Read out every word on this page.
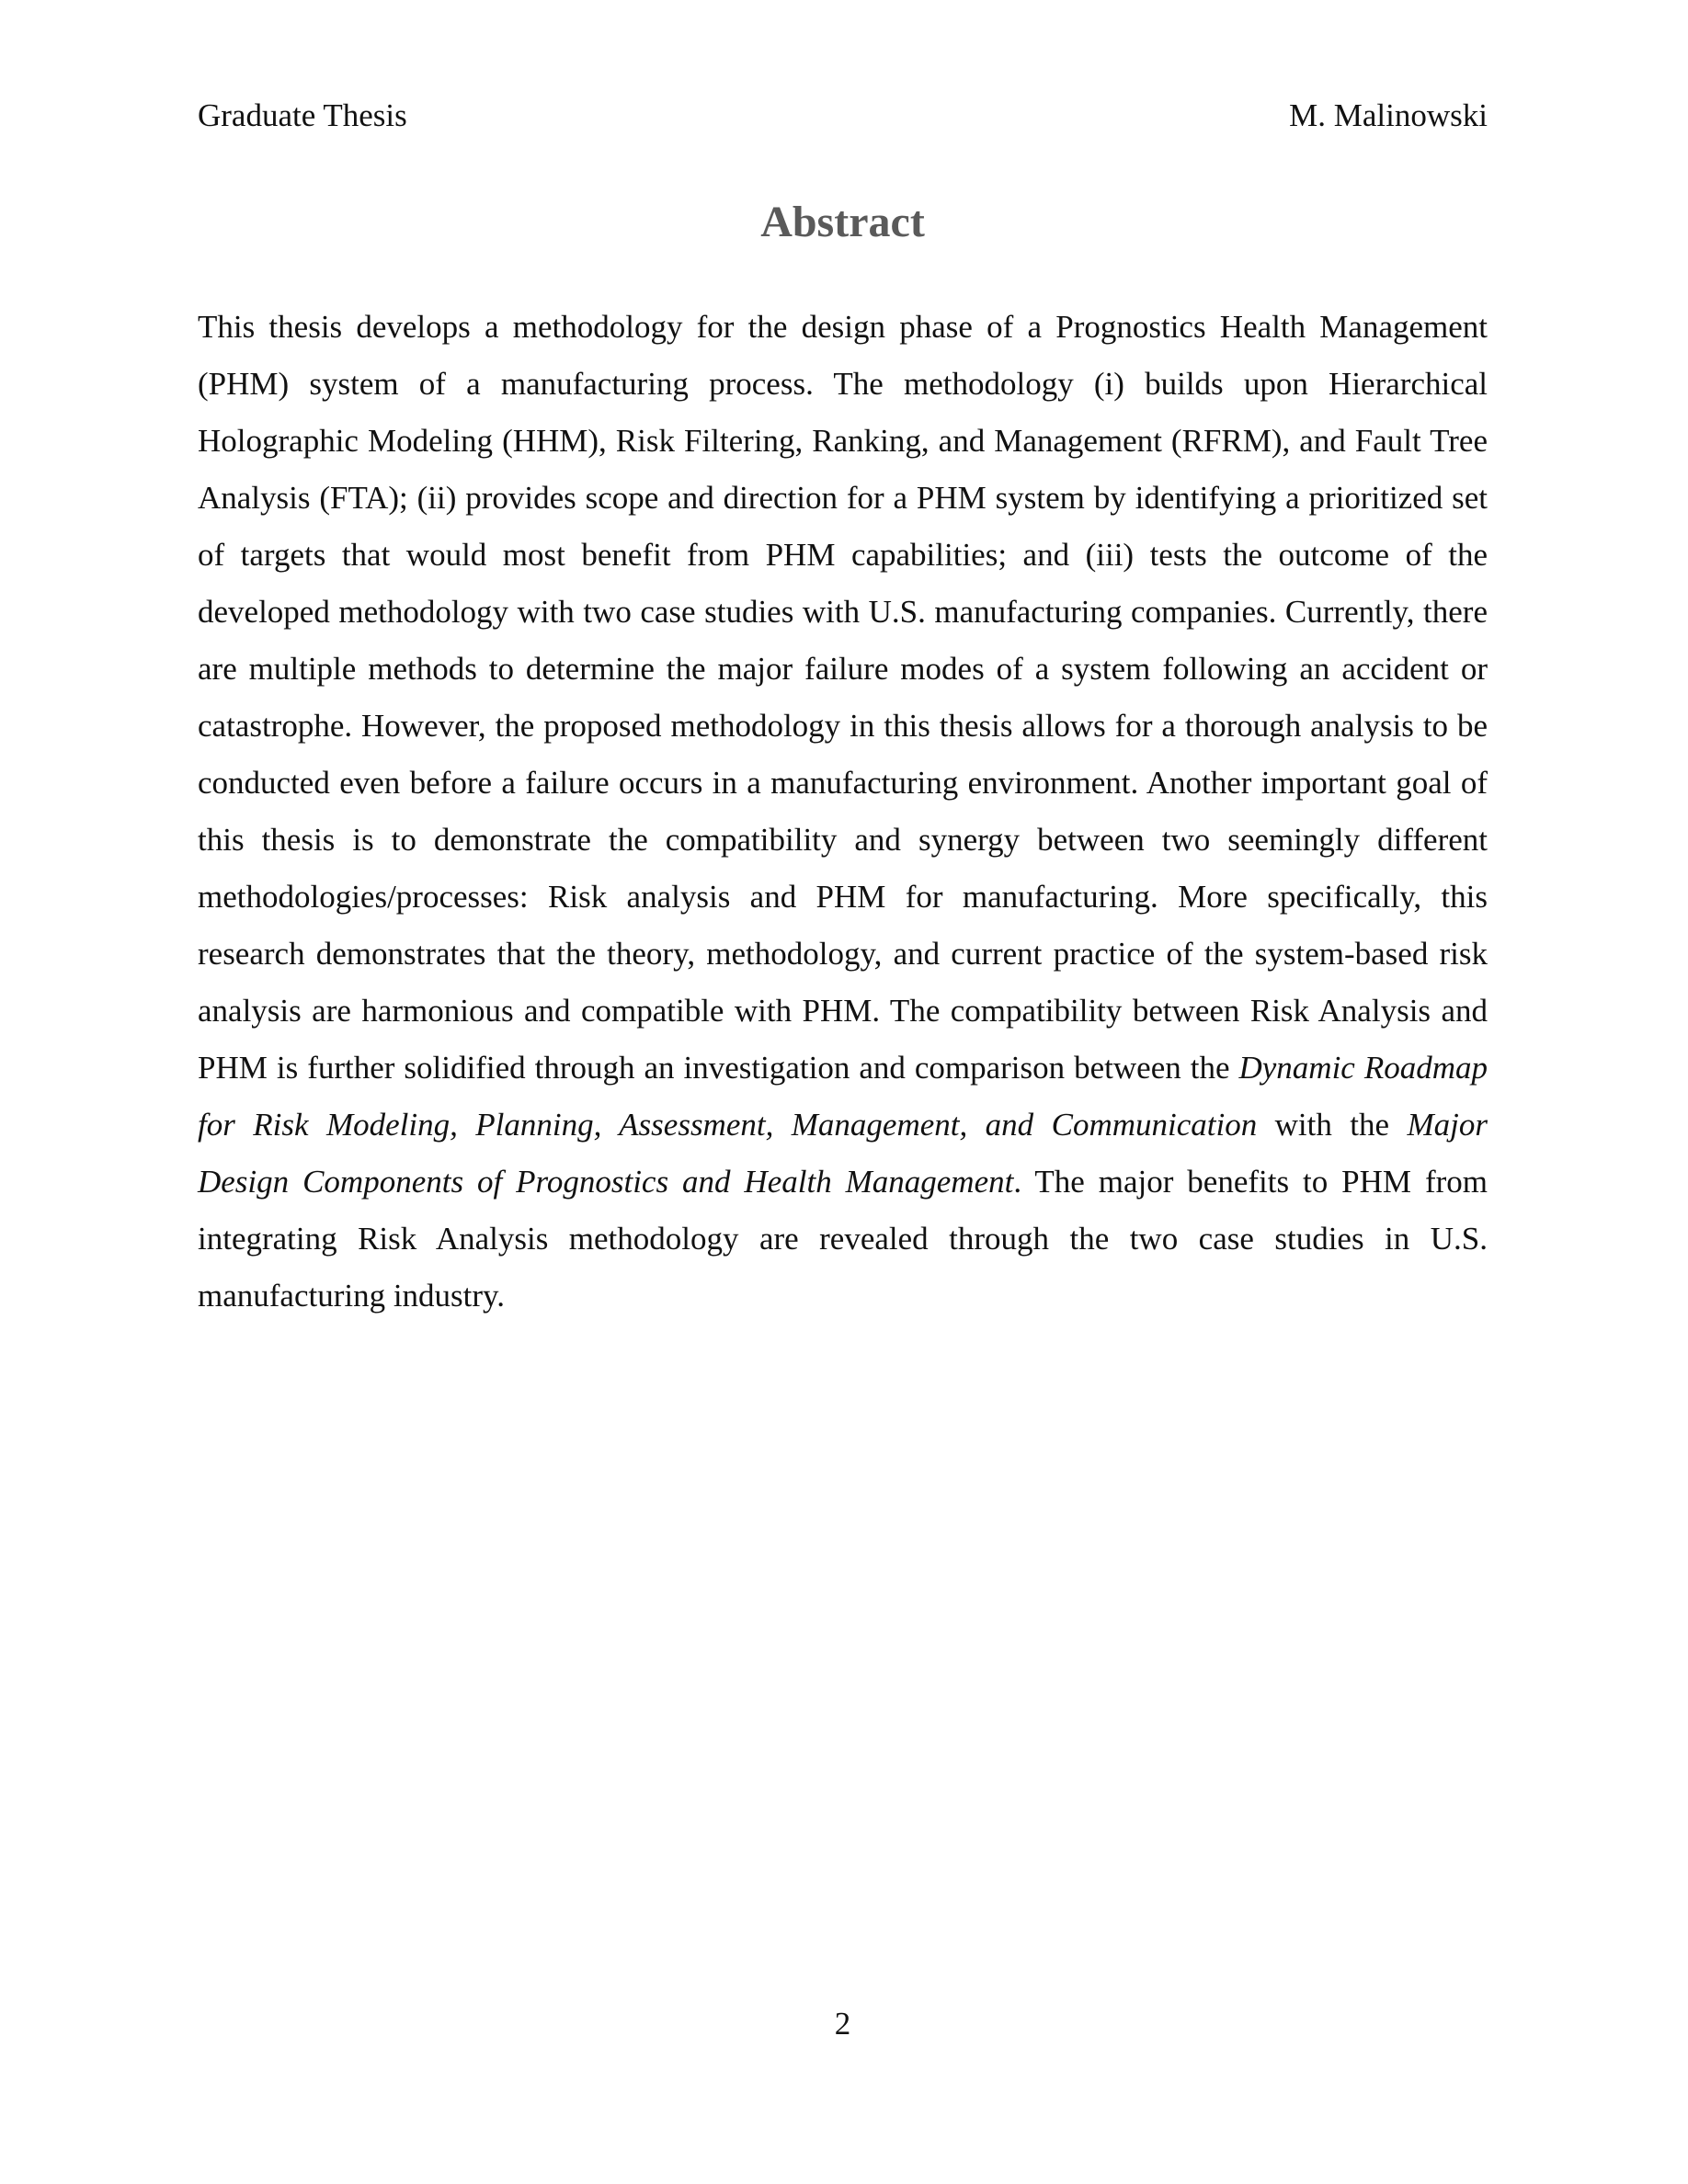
Graduate Thesis	M. Malinowski
Abstract

This thesis develops a methodology for the design phase of a Prognostics Health Management (PHM) system of a manufacturing process. The methodology (i) builds upon Hierarchical Holographic Modeling (HHM), Risk Filtering, Ranking, and Management (RFRM), and Fault Tree Analysis (FTA); (ii) provides scope and direction for a PHM system by identifying a prioritized set of targets that would most benefit from PHM capabilities; and (iii) tests the outcome of the developed methodology with two case studies with U.S. manufacturing companies. Currently, there are multiple methods to determine the major failure modes of a system following an accident or catastrophe. However, the proposed methodology in this thesis allows for a thorough analysis to be conducted even before a failure occurs in a manufacturing environment. Another important goal of this thesis is to demonstrate the compatibility and synergy between two seemingly different methodologies/processes: Risk analysis and PHM for manufacturing. More specifically, this research demonstrates that the theory, methodology, and current practice of the system-based risk analysis are harmonious and compatible with PHM. The compatibility between Risk Analysis and PHM is further solidified through an investigation and comparison between the Dynamic Roadmap for Risk Modeling, Planning, Assessment, Management, and Communication with the Major Design Components of Prognostics and Health Management. The major benefits to PHM from integrating Risk Analysis methodology are revealed through the two case studies in U.S. manufacturing industry.

2
